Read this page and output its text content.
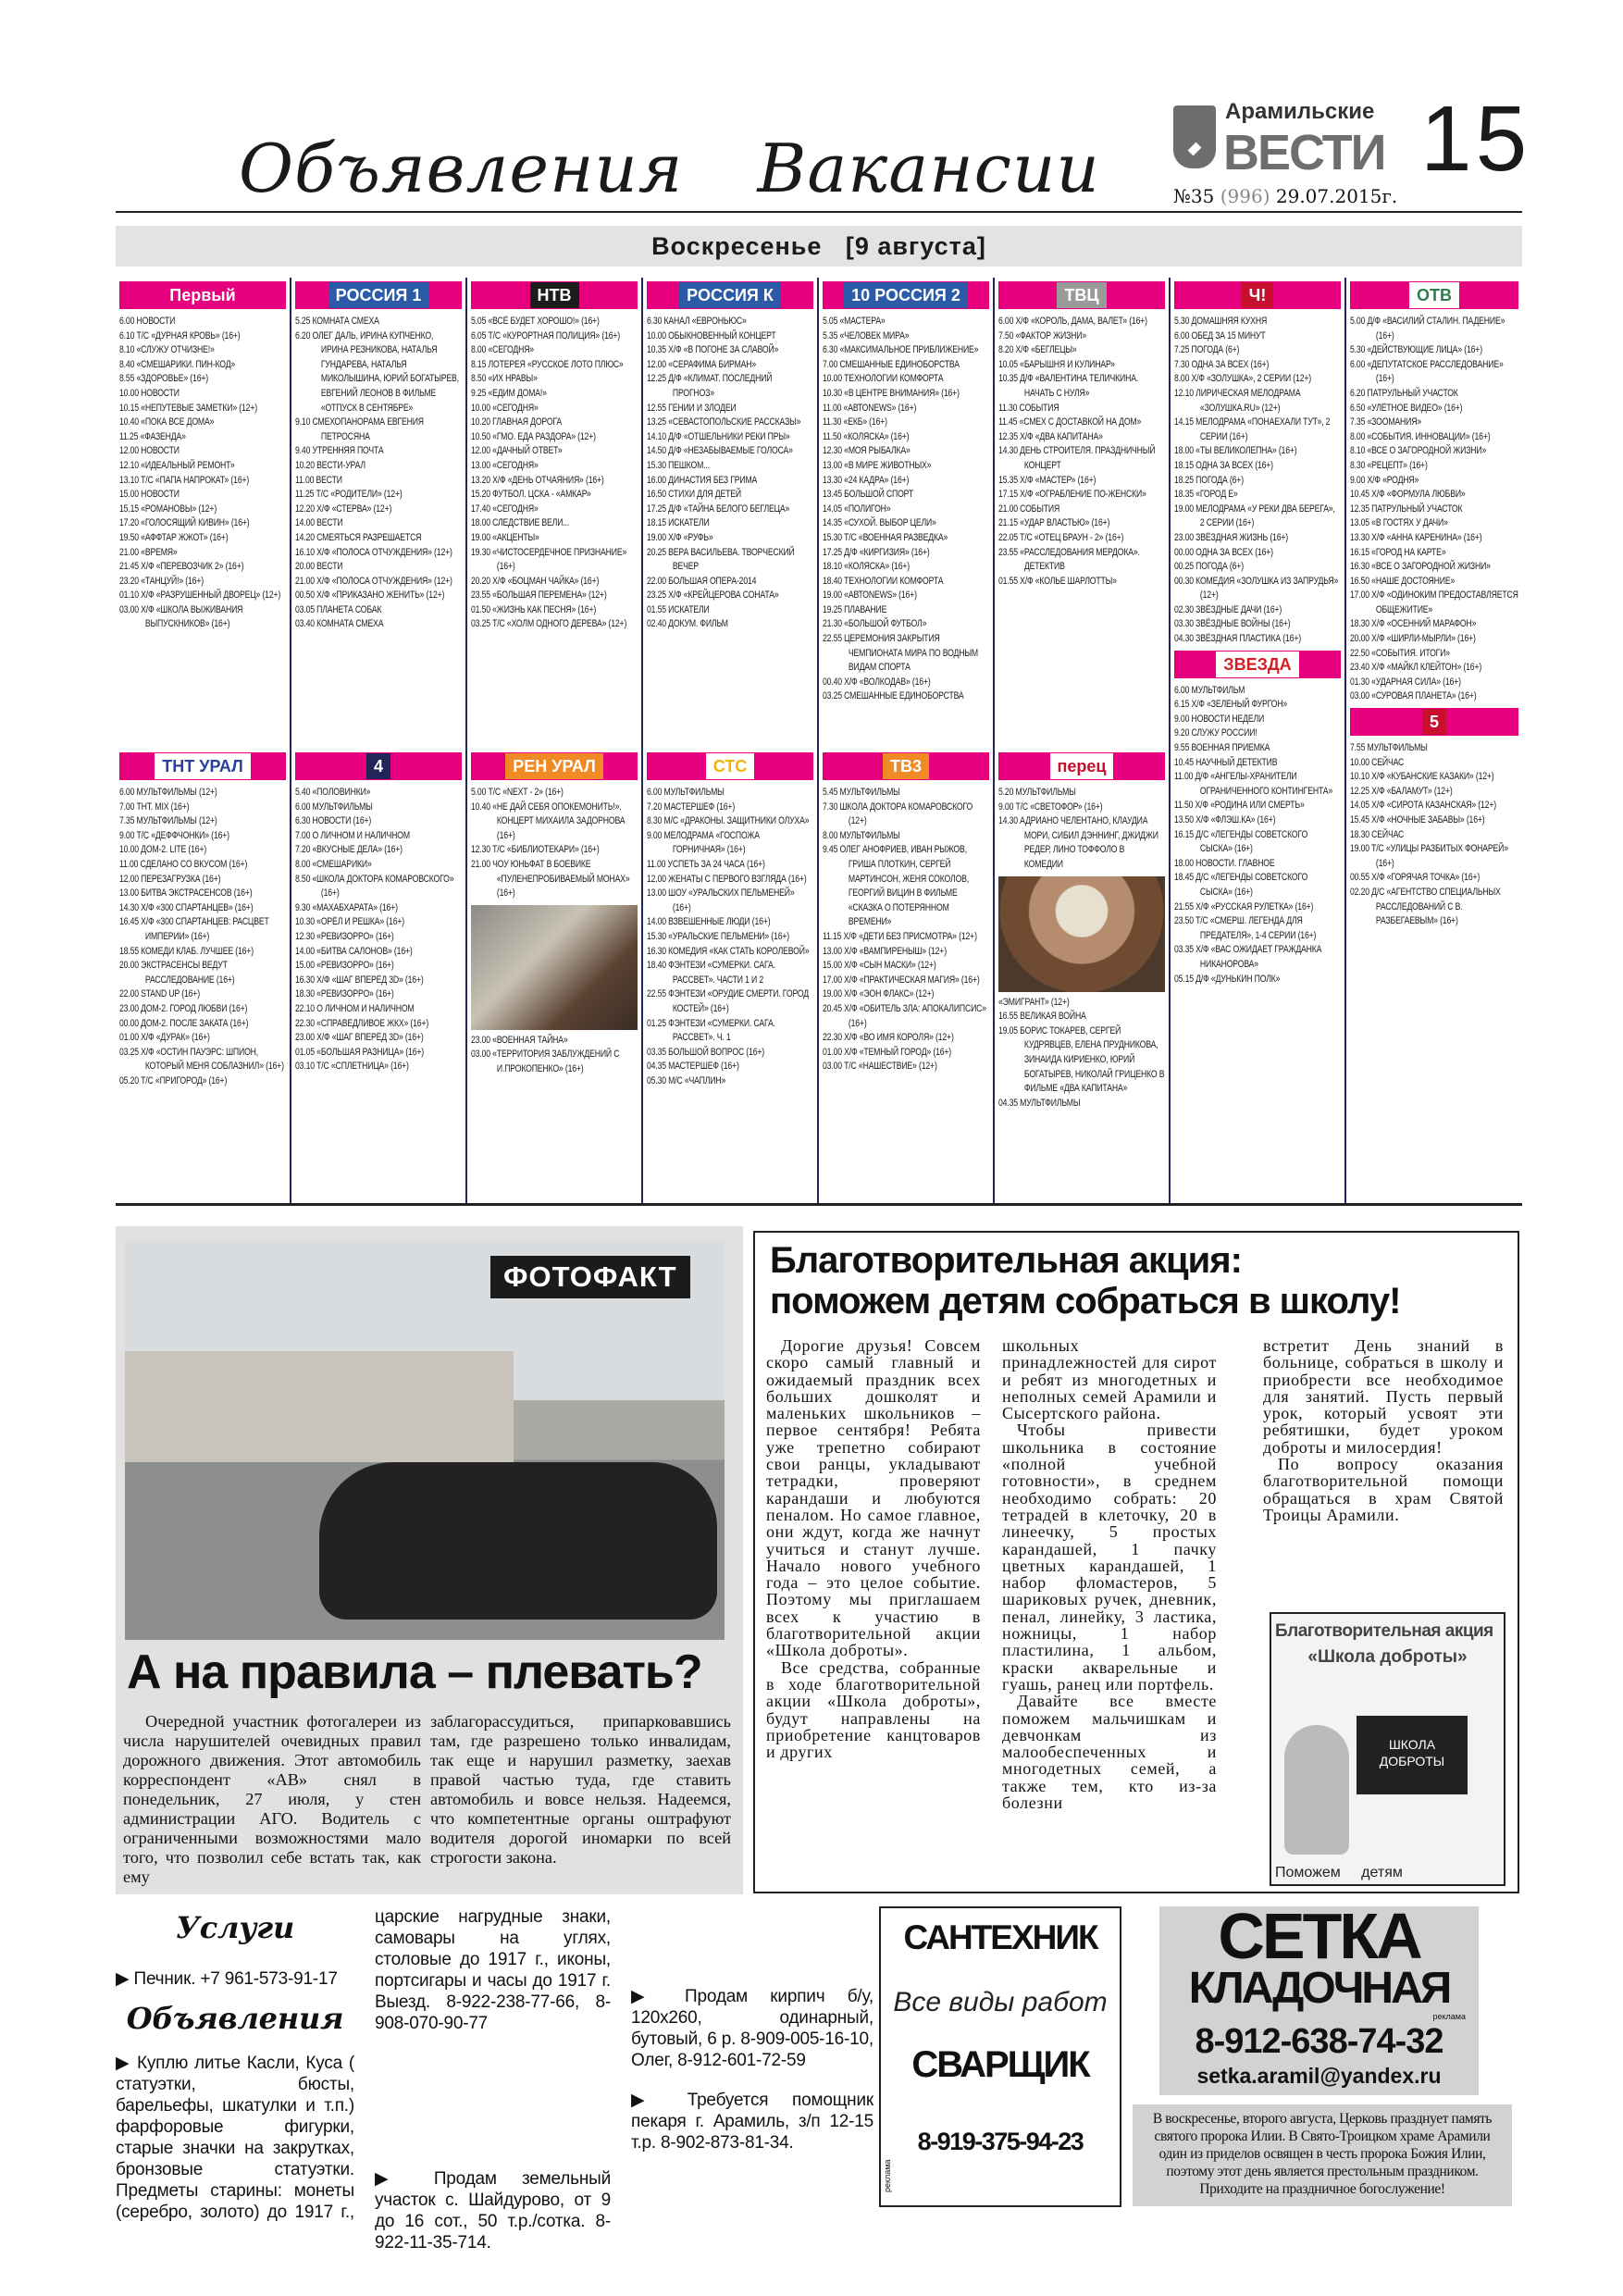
Объявления Вакансии
Арамильские
ВЕСТИ 15
№35 (996) 29.07.2015г.
Воскресенье   [9 августа]
Первый
6.00 НОВОСТИ
6.10 Т/С «ДУРНАЯ КРОВЬ» (16+)
8.10 «СЛУЖУ ОТЧИЗНЕ!»
8.40 «СМЕШАРИКИ. ПИН-КОД»
8.55 «ЗДОРОВЬЕ» (16+)
10.00 НОВОСТИ
10.15 «НЕПУТЕВЫЕ ЗАМЕТКИ» (12+)
10.40 «ПОКА ВСЕ ДОМА»
11.25 «ФАЗЕНДА»
12.00 НОВОСТИ
12.10 «ИДЕАЛЬНЫЙ РЕМОНТ»
13.10 Т/С «ПАПА НАПРОКАТ» (16+)
15.00 НОВОСТИ
15.15 «РОМАНОВЫ» (12+)
17.20 «ГОЛОСЯЩИЙ КИВИН» (16+)
19.50 «АФФТАР ЖЖОТ» (16+)
21.00 «ВРЕМЯ»
21.45 Х/Ф «ПЕРЕВОЗЧИК 2» (16+)
23.20 «ТАНЦУЙ!» (16+)
01.10 Х/Ф «РАЗРУШЕННЫЙ ДВОРЕЦ» (12+)
03.00 Х/Ф «ШКОЛА ВЫЖИВАНИЯ ВЫПУСКНИКОВ» (16+)
ТНТ УРАЛ
6.00 МУЛЬТФИЛЬМЫ (12+)
7.00 ТНТ. MIX (16+)
7.35 МУЛЬТФИЛЬМЫ (12+)
9.00 Т/С «ДЕФФЧОНКИ» (16+)
10.00 ДОМ-2. LITE (16+)
11.00 СДЕЛАНО СО ВКУСОМ (16+)
12.00 ПЕРЕЗАГРУЗКА (16+)
13.00 БИТВА ЭКСТРАСЕНСОВ (16+)
14.30 Х/Ф «300 СПАРТАНЦЕВ» (16+)
16.45 Х/Ф «300 СПАРТАНЦЕВ: РАСЦВЕТ ИМПЕРИИ» (16+)
18.55 КОМЕДИ КЛАБ. ЛУЧШЕЕ (16+)
20.00 ЭКСТРАСЕНСЫ ВЕДУТ РАССЛЕДОВАНИЕ (16+)
22.00 STAND UP (16+)
23.00 ДОМ-2. ГОРОД ЛЮБВИ (16+)
00.00 ДОМ-2. ПОСЛЕ ЗАКАТА (16+)
01.00 Х/Ф «ДУРАК» (16+)
03.25 Х/Ф «ОСТИН ПАУЭРС: ШПИОН, КОТОРЫЙ МЕНЯ СОБЛАЗНИЛ» (16+)
05.20 Т/С «ПРИГОРОД» (16+)
РОССИЯ 1
5.25 КОМНАТА СМЕХА
6.20 ОЛЕГ ДАЛЬ, ИРИНА КУПЧЕНКО, ИРИНА РЕЗНИКОВА, НАТАЛЬЯ ГУНДАРЕВА, НАТАЛЬЯ МИКОЛЫШИНА, ЮРИЙ БОГАТЫРЕВ, ЕВГЕНИЙ ЛЕОНОВ В ФИЛЬМЕ «ОТПУСК В СЕНТЯБРЕ»
9.10 СМЕХОПАНОРАМА ЕВГЕНИЯ ПЕТРОСЯНА
9.40 УТРЕННЯЯ ПОЧТА
10.20 ВЕСТИ-УРАЛ
11.00 ВЕСТИ
11.25 Т/С «РОДИТЕЛИ» (12+)
12.20 Х/Ф «СТЕРВА» (12+)
14.00 ВЕСТИ
14.20 СМЕЯТЬСЯ РАЗРЕШАЕТСЯ
16.10 Х/Ф «ПОЛОСА ОТЧУЖДЕНИЯ» (12+)
20.00 ВЕСТИ
21.00 Х/Ф «ПОЛОСА ОТЧУЖДЕНИЯ» (12+)
00.50 Х/Ф «ПРИКАЗАНО ЖЕНИТЬ» (12+)
03.05 ПЛАНЕТА СОБАК
03.40 КОМНАТА СМЕХА
4
5.40 «ПОЛОВИНКИ»
6.00 МУЛЬТФИЛЬМЫ
6.30 НОВОСТИ (16+)
7.00 О ЛИЧНОМ И НАЛИЧНОМ
7.20 «ВКУСНЫЕ ДЕЛА» (16+)
8.00 «СМЕШАРИКИ»
8.50 «ШКОЛА ДОКТОРА КОМАРОВСКОГО» (16+)
9.30 «МАХАБХАРАТА» (16+)
10.30 «ОРЁЛ И РЕШКА» (16+)
12.30 «РЕВИЗОРРО» (16+)
14.00 «БИТВА САЛОНОВ» (16+)
15.00 «РЕВИЗОРРО» (16+)
16.30 Х/Ф «ШАГ ВПЕРЁД 3D» (16+)
18.30 «РЕВИЗОРРО» (16+)
22.10 О ЛИЧНОМ И НАЛИЧНОМ
22.30 «СПРАВЕДЛИВОЕ ЖКХ» (16+)
23.00 Х/Ф «ШАГ ВПЕРЁД 3D» (16+)
01.05 «БОЛЬШАЯ РАЗНИЦА» (16+)
03.10 Т/С «СПЛЕТНИЦА» (16+)
НТВ
5.05 «ВСЁ БУДЕТ ХОРОШО!» (16+)
6.05 Т/С «КУРОРТНАЯ ПОЛИЦИЯ» (16+)
8.00 «СЕГОДНЯ»
8.15 ЛОТЕРЕЯ «РУССКОЕ ЛОТО ПЛЮС»
8.50 «ИХ НРАВЫ»
9.25 «ЕДИМ ДОМА!»
10.00 «СЕГОДНЯ»
10.20 ГЛАВНАЯ ДОРОГА
10.50 «ГМО. ЕДА РАЗДОРА» (12+)
12.00 «ДАЧНЫЙ ОТВЕТ»
13.00 «СЕГОДНЯ»
13.20 Х/Ф «ДЕНЬ ОТЧАЯНИЯ» (16+)
15.20 ФУТБОЛ. ЦСКА - «АМКАР»
17.40 «СЕГОДНЯ»
18.00 СЛЕДСТВИЕ ВЕЛИ...
19.00 «АКЦЕНТЫ»
19.30 «ЧИСТОСЕРДЕЧНОЕ ПРИЗНАНИЕ» (16+)
20.20 Х/Ф «БОЦМАН ЧАЙКА» (16+)
23.55 «БОЛЬШАЯ ПЕРЕМЕНА» (12+)
01.50 «ЖИЗНЬ КАК ПЕСНЯ» (16+)
03.25 Т/С «ХОЛМ ОДНОГО ДЕРЕВА» (12+)
РЕН УРАЛ
5.00 Т/С «NEXT - 2» (16+)
10.40 «НЕ ДАЙ СЕБЯ ОПОКЕМОНИТЬ!». КОНЦЕРТ МИХАИЛА ЗАДОРНОВА (16+)
12.30 Т/С «БИБЛИОТЕКАРИ» (16+)
21.00 ЧОУ ЮНЬФАТ В БОЕВИКЕ «ПУЛЕНЕПРОБИВАЕМЫЙ МОНАХ» (16+)
23.00 «ВОЕННАЯ ТАЙНА»
03.00 «ТЕРРИТОРИЯ ЗАБЛУЖДЕНИЙ С И.ПРОКОПЕНКО» (16+)
РОССИЯ К
6.30 КАНАЛ «ЕВРОНЬЮС»
10.00 ОБЫКНОВЕННЫЙ КОНЦЕРТ
10.35 Х/Ф «В ПОГОНЕ ЗА СЛАВОЙ»
12.00 «СЕРАФИМА БИРМАН»
12.25 Д/Ф «КЛИМАТ. ПОСЛЕДНИЙ ПРОГНОЗ»
12.55 ГЕНИИ И ЗЛОДЕИ
13.25 «СЕВАСТОПОЛЬСКИЕ РАССКАЗЫ»
14.10 Д/Ф «ОТШЕЛЬНИКИ РЕКИ ПРЫ»
14.50 Д/Ф «НЕЗАБЫВАЕМЫЕ ГОЛОСА»
15.30 ПЕШКОМ...
16.00 ДИНАСТИЯ БЕЗ ГРИМА
16.50 СТИХИ ДЛЯ ДЕТЕЙ
17.25 Д/Ф «ТАЙНА БЕЛОГО БЕГЛЕЦА»
18.15 ИСКАТЕЛИ
19.00 Х/Ф «РУФЬ»
20.25 ВЕРА ВАСИЛЬЕВА. ТВОРЧЕСКИЙ ВЕЧЕР
22.00 БОЛЬШАЯ ОПЕРА-2014
23.25 Х/Ф «КРЕЙЦЕРОВА СОНАТА»
01.55 ИСКАТЕЛИ
02.40 ДОКУМ. ФИЛЬМ
СТС
6.00 МУЛЬТФИЛЬМЫ
7.20 МАСТЕРШЕФ (16+)
8.30 М/С «ДРАКОНЫ. ЗАЩИТНИКИ ОЛУХА»
9.00 МЕЛОДРАМА «ГОСПОЖА ГОРНИЧНАЯ» (16+)
11.00 УСПЕТЬ ЗА 24 ЧАСА (16+)
12.00 ЖЕНАТЫ С ПЕРВОГО ВЗГЛЯДА (16+)
13.00 ШОУ «УРАЛЬСКИХ ПЕЛЬМЕНЕЙ» (16+)
14.00 ВЗВЕШЕННЫЕ ЛЮДИ (16+)
15.30 «УРАЛЬСКИЕ ПЕЛЬМЕНИ» (16+)
16.30 КОМЕДИЯ «КАК СТАТЬ КОРОЛЕВОЙ»
18.40 ФЭНТЕЗИ «СУМЕРКИ. САГА. РАССВЕТ». ЧАСТИ 1 И 2
22.55 ФЭНТЕЗИ «ОРУДИЕ СМЕРТИ. ГОРОД КОСТЕЙ» (16+)
01.25 ФЭНТЕЗИ «СУМЕРКИ. САГА. РАССВЕТ». Ч. 1
03.35 БОЛЬШОЙ ВОПРОС (16+)
04.35 МАСТЕРШЕФ (16+)
05.30 М/С «ЧАПЛИН»
10 РОССИЯ 2
5.05 «МАСТЕРА»
5.35 «ЧЕЛОВЕК МИРА»
6.30 «МАКСИМАЛЬНОЕ ПРИБЛИЖЕНИЕ»
7.00 СМЕШАННЫЕ ЕДИНОБОРСТВА
10.00 ТЕХНОЛОГИИ КОМФОРТА
10.30 «В ЦЕНТРЕ ВНИМАНИЯ» (16+)
11.00 «АВТОNEWS» (16+)
11.30 «ЕКБ» (16+)
11.50 «КОЛЯСКА» (16+)
12.30 «МОЯ РЫБАЛКА»
13.00 «В МИРЕ ЖИВОТНЫХ»
13.30 «24 КАДРА» (16+)
13.45 БОЛЬШОЙ СПОРТ
14.05 «ПОЛИГОН»
14.35 «СУХОЙ. ВЫБОР ЦЕЛИ»
15.30 Т/С «ВОЕННАЯ РАЗВЕДКА»
17.25 Д/Ф «КИРГИЗИЯ» (16+)
18.10 «КОЛЯСКА» (16+)
18.40 ТЕХНОЛОГИИ КОМФОРТА
19.00 «АВТОNEWS» (16+)
19.25 ПЛАВАНИЕ
21.30 «БОЛЬШОЙ ФУТБОЛ»
22.55 ЦЕРЕМОНИЯ ЗАКРЫТИЯ ЧЕМПИОНАТА МИРА ПО ВОДНЫМ ВИДАМ СПОРТА
00.40 Х/Ф «ВОЛКОДАВ» (16+)
03.25 СМЕШАННЫЕ ЕДИНОБОРСТВА
ТВ3
5.45 МУЛЬТФИЛЬМЫ
7.30 ШКОЛА ДОКТОРА КОМАРОВСКОГО (12+)
8.00 МУЛЬТФИЛЬМЫ
9.45 ОЛЕГ АНОФРИЕВ, ИВАН РЫЖОВ, ГРИША ПЛОТКИН, СЕРГЕЙ МАРТИНСОН, ЖЕНЯ СОКОЛОВ, ГЕОРГИЙ ВИЦИН В ФИЛЬМЕ «СКАЗКА О ПОТЕРЯННОМ ВРЕМЕНИ»
11.15 Х/Ф «ДЕТИ БЕЗ ПРИСМОТРА» (12+)
13.00 Х/Ф «ВАМПИРЕНЫШ» (12+)
15.00 Х/Ф «СЫН МАСКИ» (12+)
17.00 Х/Ф «ПРАКТИЧЕСКАЯ МАГИЯ» (16+)
19.00 Х/Ф «ЭОН ФЛАКС» (12+)
20.45 Х/Ф «ОБИТЕЛЬ ЗЛА: АПОКАЛИПСИС» (16+)
22.30 Х/Ф «ВО ИМЯ КОРОЛЯ» (12+)
01.00 Х/Ф «ТЕМНЫЙ ГОРОД» (16+)
03.00 Т/С «НАШЕСТВИЕ» (12+)
ТВЦ
6.00 Х/Ф «КОРОЛЬ, ДАМА, ВАЛЕТ» (16+)
7.50 «ФАКТОР ЖИЗНИ»
8.20 Х/Ф «БЕГЛЕЦЫ»
10.05 «БАРЫШНЯ И КУЛИНАР»
10.35 Д/Ф «ВАЛЕНТИНА ТЕЛИЧКИНА. НАЧАТЬ С НУЛЯ»
11.30 СОБЫТИЯ
11.45 «СМЕХ С ДОСТАВКОЙ НА ДОМ»
12.35 Х/Ф «ДВА КАПИТАНА»
14.30 ДЕНЬ СТРОИТЕЛЯ. ПРАЗДНИЧНЫЙ КОНЦЕРТ
15.35 Х/Ф «МАСТЕР» (16+)
17.15 Х/Ф «ОГРАБЛЕНИЕ ПО-ЖЕНСКИ»
21.00 СОБЫТИЯ
21.15 «УДАР ВЛАСТЬЮ» (16+)
22.05 Т/С «ОТЕЦ БРАУН - 2» (16+)
23.55 «РАССЛЕДОВАНИЯ МЕРДОКА». ДЕТЕКТИВ
01.55 Х/Ф «КОЛЬЕ ШАРЛОТТЫ»
перец
5.20 МУЛЬТФИЛЬМЫ
9.00 Т/С «СВЕТОФОР» (16+)
14.30 АДРИАНО ЧЕЛЕНТАНО, КЛАУДИА МОРИ, СИБИЛ ДЭННИНГ, ДЖИДЖИ РЕДЕР, ЛИНО ТОФФОЛО В КОМЕДИИ
«ЭМИГРАНТ» (12+)
16.55 ВЕЛИКАЯ ВОЙНА
19.05 БОРИС ТОКАРЕВ, СЕРГЕЙ КУДРЯВЦЕВ, ЕЛЕНА ПРУДНИКОВА, ЗИНАИДА КИРИЕНКО, ЮРИЙ БОГАТЫРЕВ, НИКОЛАЙ ГРИЦЕНКО В ФИЛЬМЕ «ДВА КАПИТАНА»
04.35 МУЛЬТФИЛЬМЫ
Ч!
5.30 ДОМАШНЯЯ КУХНЯ
6.00 ОБЕД ЗА 15 МИНУТ
7.25 ПОГОДА (6+)
7.30 ОДНА ЗА ВСЕХ (16+)
8.00 Х/Ф «ЗОЛУШКА», 2 СЕРИИ (12+)
12.10 ЛИРИЧЕСКАЯ МЕЛОДРАМА «ЗОЛУШКА.RU» (12+)
14.15 МЕЛОДРАМА «ПОНАЕХАЛИ ТУТ», 2 СЕРИИ (16+)
18.00 «ТЫ ВЕЛИКОЛЕПНА» (16+)
18.15 ОДНА ЗА ВСЕХ (16+)
18.25 ПОГОДА (6+)
18.35 «ГОРОД Е»
19.00 МЕЛОДРАМА «У РЕКИ ДВА БЕРЕГА», 2 СЕРИИ (16+)
23.00 ЗВЁЗДНАЯ ЖИЗНЬ (16+)
00.00 ОДНА ЗА ВСЕХ (16+)
00.25 ПОГОДА (6+)
00.30 КОМЕДИЯ «ЗОЛУШКА ИЗ ЗАПРУДЬЯ» (12+)
02.30 ЗВЁЗДНЫЕ ДАЧИ (16+)
03.30 ЗВЁЗДНЫЕ ВОЙНЫ (16+)
04.30 ЗВЁЗДНАЯ ПЛАСТИКА (16+)
ЗВЕЗДА
6.00 МУЛЬТФИЛЬМ
6.15 Х/Ф «ЗЕЛЕНЫЙ ФУРГОН»
9.00 НОВОСТИ НЕДЕЛИ
9.20 СЛУЖУ РОССИИ!
9.55 ВОЕННАЯ ПРИЕМКА
10.45 НАУЧНЫЙ ДЕТЕКТИВ
11.00 Д/Ф «АНГЕЛЫ-ХРАНИТЕЛИ ОГРАНИЧЕННОГО КОНТИНГЕНТА»
11.50 Х/Ф «РОДИНА ИЛИ СМЕРТЬ»
13.50 Х/Ф «ФЛЭШ.КА» (16+)
16.15 Д/С «ЛЕГЕНДЫ СОВЕТСКОГО СЫСКА» (16+)
18.00 НОВОСТИ. ГЛАВНОЕ
18.45 Д/С «ЛЕГЕНДЫ СОВЕТСКОГО СЫСКА» (16+)
21.55 Х/Ф «РУССКАЯ РУЛЕТКА» (16+)
23.50 Т/С «СМЕРШ. ЛЕГЕНДА ДЛЯ ПРЕДАТЕЛЯ», 1-4 СЕРИИ (16+)
03.35 Х/Ф «ВАС ОЖИДАЕТ ГРАЖДАНКА НИКАНОРОВА»
05.15 Д/Ф «ДУНЬКИН ПОЛК»
ОТВ
5.00 Д/Ф «ВАСИЛИЙ СТАЛИН. ПАДЕНИЕ» (16+)
5.30 «ДЕЙСТВУЮЩИЕ ЛИЦА» (16+)
6.00 «ДЕПУТАТСКОЕ РАССЛЕДОВАНИЕ» (16+)
6.20 ПАТРУЛЬНЫЙ УЧАСТОК
6.50 «УЛЁТНОЕ ВИДЕО» (16+)
7.35 «ЗООМАНИЯ»
8.00 «СОБЫТИЯ. ИННОВАЦИИ» (16+)
8.10 «ВСЕ О ЗАГОРОДНОЙ ЖИЗНИ»
8.30 «РЕЦЕПТ» (16+)
9.00 Х/Ф «РОДНЯ»
10.45 Х/Ф «ФОРМУЛА ЛЮБВИ»
12.35 ПАТРУЛЬНЫЙ УЧАСТОК
13.05 «В ГОСТЯХ У ДАЧИ»
13.30 Х/Ф «АННА КАРЕНИНА» (16+)
16.15 «ГОРОД НА КАРТЕ»
16.30 «ВСЕ О ЗАГОРОДНОЙ ЖИЗНИ»
16.50 «НАШЕ ДОСТОЯНИЕ»
17.00 Х/Ф «ОДИНОКИМ ПРЕДОСТАВЛЯЕТСЯ ОБЩЕЖИТИЕ»
18.30 Х/Ф «ОСЕННИЙ МАРАФОН»
20.00 Х/Ф «ШИРЛИ-МЫРЛИ» (16+)
22.50 «СОБЫТИЯ. ИТОГИ»
23.40 Х/Ф «МАЙКЛ КЛЕЙТОН» (16+)
01.30 «УДАРНАЯ СИЛА» (16+)
03.00 «СУРОВАЯ ПЛАНЕТА» (16+)
5
7.55 МУЛЬТФИЛЬМЫ
10.00 СЕЙЧАС
10.10 Х/Ф «КУБАНСКИЕ КАЗАКИ» (12+)
12.25 Х/Ф «БАЛАМУТ» (12+)
14.05 Х/Ф «СИРОТА КАЗАНСКАЯ» (12+)
15.45 Х/Ф «НОЧНЫЕ ЗАБАВЫ» (16+)
18.30 СЕЙЧАС
19.00 Т/С «УЛИЦЫ РАЗБИТЫХ ФОНАРЕЙ» (16+)
00.55 Х/Ф «ГОРЯЧАЯ ТОЧКА» (16+)
02.20 Д/С «АГЕНТСТВО СПЕЦИАЛЬНЫХ РАССЛЕДОВАНИЙ С В. РАЗБЕГАЕВЫМ» (16+)
ФОТОФАКТ
А на правила – плевать?
Очередной участник фотогалереи из числа нарушителей очевидных правил дорожного движения. Этот автомобиль корреспондент «АВ» снял в понедельник, 27 июля, у стен администрации АГО. Водитель с ограниченными возможностями мало того, что позволил себе встать так, как ему
заблагорассудиться, припарковавшись там, где разрешено только инвалидам, так еще и нарушил разметку, заехав правой частью туда, где ставить автомобиль и вовсе нельзя. Надеемся, что компетентные органы оштрафуют водителя дорогой иномарки по всей строгости закона.
Благотворительная акция:
поможем детям собраться в школу!

Дорогие друзья! Совсем скоро самый главный и ожидаемый праздник всех больших дошколят и маленьких школьников – первое сентября! Ребята уже трепетно собирают свои ранцы, укладывают тетрадки, проверяют карандаши и любуются пеналом. Но самое главное, они ждут, когда же начнут учиться и станут лучше. Начало нового учебного года – это целое событие. Поэтому мы приглашаем всех к участию в благотворительной акции «Школа доброты».

Все средства, собранные в ходе благотворительной акции «Школа доброты», будут направлены на приобретение канцтоваров и других

школьных принадлежностей для сирот и ребят из многодетных и неполных семей Арамили и Сысертского района.

Чтобы привести школьника в состояние «полной учебной готовности», в среднем необходимо собрать: 20 тетрадей в клеточку, 20 в линеечку, 5 простых карандашей, 1 пачку цветных карандашей, 1 набор фломастеров, 5 шариковых ручек, дневник, пенал, линейку, 3 ластика, ножницы, 1 набор пластилина, 1 альбом, краски акварельные и гуашь, ранец или портфель.

Давайте все вместе поможем мальчишкам и девчонкам из малообеспеченных и многодетных семей, а также тем, кто из-за болезни

встретит День знаний в больнице, собраться в школу и приобрести все необходимое для занятий. Пусть первый урок, который усвоят эти ребятишки, будет уроком доброты и милосердия!

По вопросу оказания благотворительной помощи обращаться в храм Святой Троицы Арамили.

Благотворительная акция
«Школа доброты»
ШКОЛА ДОБРОТЫ
Поможем детям
Услуги

▶ Печник. +7 961-573-91-17

Объявления

▶ Куплю литье Касли, Куса ( статуэтки, бюсты, барельефы, шкатулки и т.п.) фарфоровые фигурки, старые значки на закрутках, бронзовые статуэтки. Предметы старины: монеты (серебро, золото) до 1917 г.,

царские нагрудные знаки, самовары на углях, столовые до 1917 г., иконы, портсигары и часы до 1917 г. Выезд. 8-922-238-77-66, 8-908-070-90-77

▶ Продам земельный участок с. Шайдурово, от 9 до 16 сот., 50 т.р./сотка. 8-922-11-35-714.

▶ Продам кирпич б/у, 120х260, одинарный, бутовый, 6 р. 8-909-005-16-10, Олег, 8-912-601-72-59

▶ Требуется помощник пекаря г. Арамиль, з/п 12-15 т.р. 8-902-873-81-34.

САНТЕХНИК
Все виды работ
СВАРЩИК
8-919-375-94-23
реклама
СЕТКА
КЛАДОЧНАЯ
реклама
8-912-638-74-32
setka.aramil@yandex.ru
В воскресенье, второго августа, Церковь празднует память святого пророка Илии. В Свято-Троицком храме Арамили один из приделов освящен в честь пророка Божия Илии, поэтому этот день является престольным праздником. Приходите на праздничное богослужение!
